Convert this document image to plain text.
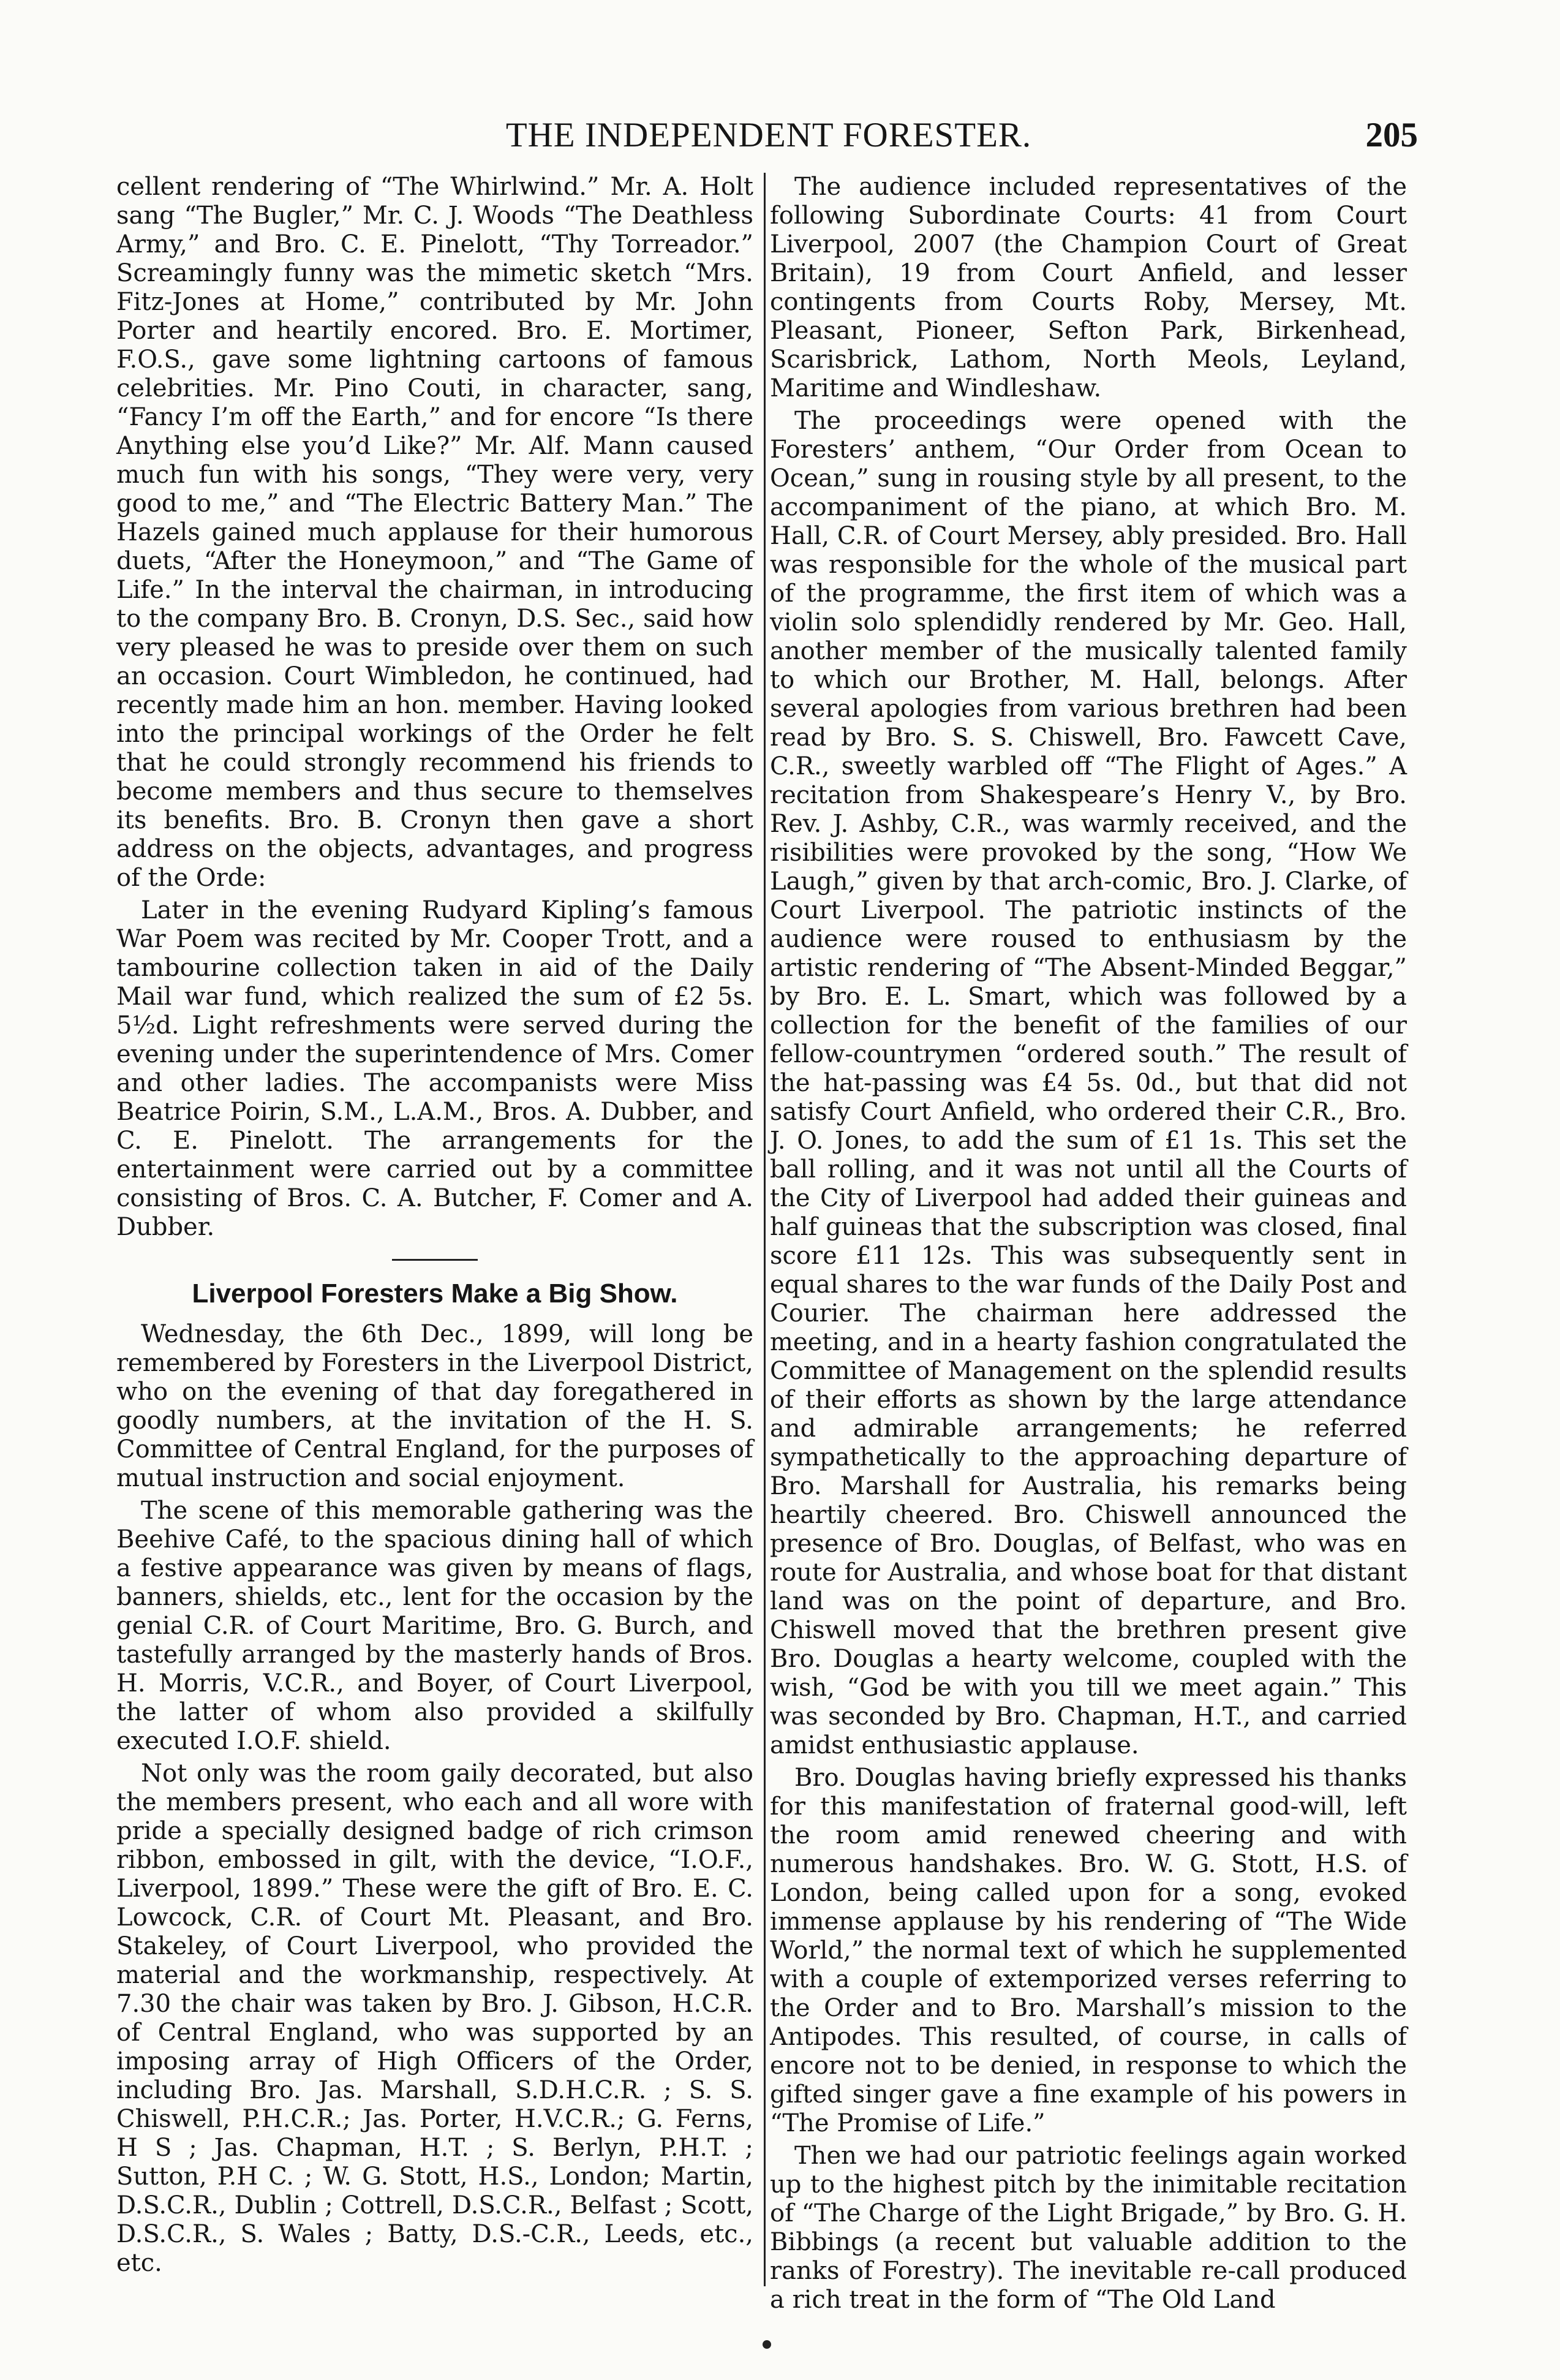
THE INDEPENDENT FORESTER.	205

cellent rendering of “The Whirlwind.” Mr. A. Holt sang “The Bugler,” Mr. C. J. Woods “The Deathless Army,” and Bro. C. E. Pinelott, “Thy Torreador.” Screamingly funny was the mimetic sketch “Mrs. Fitz-Jones at Home,” contributed by Mr. John Porter and heartily encored. Bro. E. Mortimer, F.O.S., gave some lightning cartoons of famous celebrities. Mr. Pino Couti, in character, sang, “Fancy I’m off the Earth,” and for encore “Is there Anything else you’d Like?” Mr. Alf. Mann caused much fun with his songs, “They were very, very good to me,” and “The Electric Battery Man.” The Hazels gained much applause for their humorous duets, “After the Honeymoon,” and “The Game of Life.” In the interval the chairman, in introducing to the company Bro. B. Cronyn, D.S. Sec., said how very pleased he was to preside over them on such an occasion. Court Wimbledon, he continued, had recently made him an hon. member. Having looked into the principal workings of the Order he felt that he could strongly recommend his friends to become members and thus secure to themselves its benefits. Bro. B. Cronyn then gave a short address on the objects, advantages, and progress of the Orde:

Later in the evening Rudyard Kipling’s famous War Poem was recited by Mr. Cooper Trott, and a tambourine collection taken in aid of the Daily Mail war fund, which realized the sum of £2 5s. 5½d. Light refreshments were served during the evening under the superintendence of Mrs. Comer and other ladies. The accompanists were Miss Beatrice Poirin, S.M., L.A.M., Bros. A. Dubber, and C. E. Pinelott. The arrangements for the entertainment were carried out by a committee consisting of Bros. C. A. Butcher, F. Comer and A. Dubber.

Liverpool Foresters Make a Big Show.

Wednesday, the 6th Dec., 1899, will long be remembered by Foresters in the Liverpool District, who on the evening of that day foregathered in goodly numbers, at the invitation of the H. S. Committee of Central England, for the purposes of mutual instruction and social enjoyment.

The scene of this memorable gathering was the Beehive Café, to the spacious dining hall of which a festive appearance was given by means of flags, banners, shields, etc., lent for the occasion by the genial C.R. of Court Maritime, Bro. G. Burch, and tastefully arranged by the masterly hands of Bros. H. Morris, V.C.R., and Boyer, of Court Liverpool, the latter of whom also provided a skilfully executed I.O.F. shield.

Not only was the room gaily decorated, but also the members present, who each and all wore with pride a specially designed badge of rich crimson ribbon, embossed in gilt, with the device, “I.O.F., Liverpool, 1899.” These were the gift of Bro. E. C. Lowcock, C.R. of Court Mt. Pleasant, and Bro. Stakeley, of Court Liverpool, who provided the material and the workmanship, respectively. At 7.30 the chair was taken by Bro. J. Gibson, H.C.R. of Central England, who was supported by an imposing array of High Officers of the Order, including Bro. Jas. Marshall, S.D.H.C.R. ; S. S. Chiswell, P.H.C.R.; Jas. Porter, H.V.C.R.; G. Ferns, H S ; Jas. Chapman, H.T. ; S. Berlyn, P.H.T. ; Sutton, P.H C. ; W. G. Stott, H.S., London; Martin, D.S.C.R., Dublin ; Cottrell, D.S.C.R., Belfast ; Scott, D.S.C.R., S. Wales ; Batty, D.S.-C.R., Leeds, etc., etc.

The audience included representatives of the following Subordinate Courts: 41 from Court Liverpool, 2007 (the Champion Court of Great Britain), 19 from Court Anfield, and lesser contingents from Courts Roby, Mersey, Mt. Pleasant, Pioneer, Sefton Park, Birkenhead, Scarisbrick, Lathom, North Meols, Leyland, Maritime and Windleshaw.

The proceedings were opened with the Foresters’ anthem, “Our Order from Ocean to Ocean,” sung in rousing style by all present, to the accompaniment of the piano, at which Bro. M. Hall, C.R. of Court Mersey, ably presided. Bro. Hall was responsible for the whole of the musical part of the programme, the first item of which was a violin solo splendidly rendered by Mr. Geo. Hall, another member of the musically talented family to which our Brother, M. Hall, belongs. After several apologies from various brethren had been read by Bro. S. S. Chiswell, Bro. Fawcett Cave, C.R., sweetly warbled off “The Flight of Ages.” A recitation from Shakespeare’s Henry V., by Bro. Rev. J. Ashby, C.R., was warmly received, and the risibilities were provoked by the song, “How We Laugh,” given by that arch-comic, Bro. J. Clarke, of Court Liverpool. The patriotic instincts of the audience were roused to enthusiasm by the artistic rendering of “The Absent-Minded Beggar,” by Bro. E. L. Smart, which was followed by a collection for the benefit of the families of our fellow-countrymen “ordered south.” The result of the hat-passing was £4 5s. 0d., but that did not satisfy Court Anfield, who ordered their C.R., Bro. J. O. Jones, to add the sum of £1 1s. This set the ball rolling, and it was not until all the Courts of the City of Liverpool had added their guineas and half guineas that the subscription was closed, final score £11 12s. This was subsequently sent in equal shares to the war funds of the Daily Post and Courier. The chairman here addressed the meeting, and in a hearty fashion congratulated the Committee of Management on the splendid results of their efforts as shown by the large attendance and admirable arrangements; he referred sympathetically to the approaching departure of Bro. Marshall for Australia, his remarks being heartily cheered. Bro. Chiswell announced the presence of Bro. Douglas, of Belfast, who was en route for Australia, and whose boat for that distant land was on the point of departure, and Bro. Chiswell moved that the brethren present give Bro. Douglas a hearty welcome, coupled with the wish, “God be with you till we meet again.” This was seconded by Bro. Chapman, H.T., and carried amidst enthusiastic applause.

Bro. Douglas having briefly expressed his thanks for this manifestation of fraternal good-will, left the room amid renewed cheering and with numerous handshakes. Bro. W. G. Stott, H.S. of London, being called upon for a song, evoked immense applause by his rendering of “The Wide World,” the normal text of which he supplemented with a couple of extemporized verses referring to the Order and to Bro. Marshall’s mission to the Antipodes. This resulted, of course, in calls of encore not to be denied, in response to which the gifted singer gave a fine example of his powers in “The Promise of Life.”

Then we had our patriotic feelings again worked up to the highest pitch by the inimitable recitation of “The Charge of the Light Brigade,” by Bro. G. H. Bibbings (a recent but valuable addition to the ranks of Forestry). The inevitable re-call produced a rich treat in the form of “The Old Land
